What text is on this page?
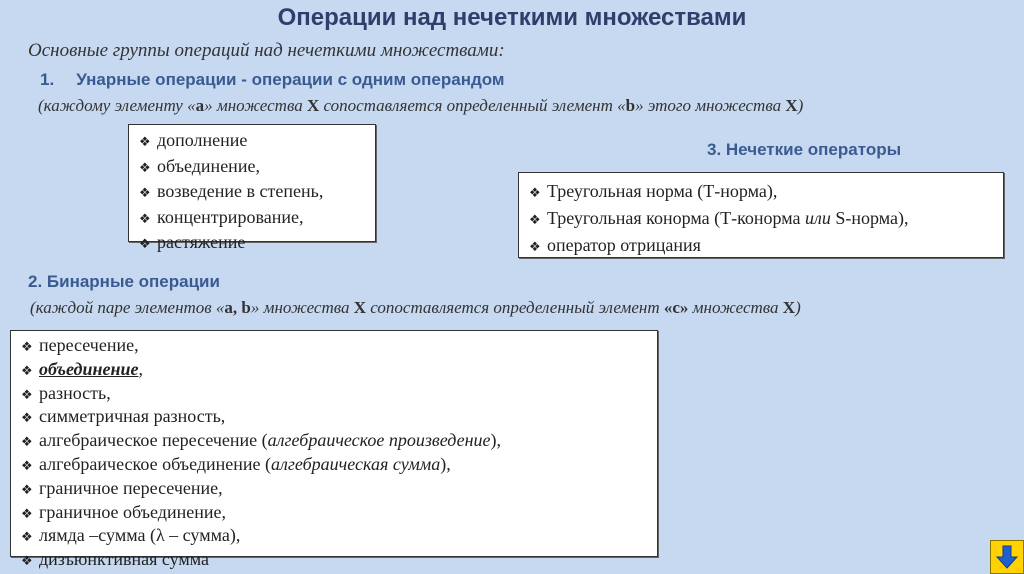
Операции над нечеткими множествами
Основные группы операций над нечеткими множествами:
1. Унарные операции - операции с одним операндом
(каждому элементу «а» множества X сопоставляется определенный элемент «b» этого множества X)
❖ дополнение
❖ объединение,
❖ возведение в степень,
❖ концентрирование,
❖ растяжение
3. Нечеткие операторы
❖ Треугольная норма (Т-норма),
❖ Треугольная конорма (Т-конорма или S-норма),
❖ оператор отрицания
2. Бинарные операции
(каждой паре элементов «a, b» множества X сопоставляется определенный элемент «с» множества X)
❖ пересечение,
❖ объединение,
❖ разность,
❖ симметричная разность,
❖ алгебраическое пересечение (алгебраическое произведение),
❖ алгебраическое объединение (алгебраическая сумма),
❖ граничное пересечение,
❖ граничное объединение,
❖ лямда –сумма (λ – сумма),
❖ дизъюнктивная сумма
